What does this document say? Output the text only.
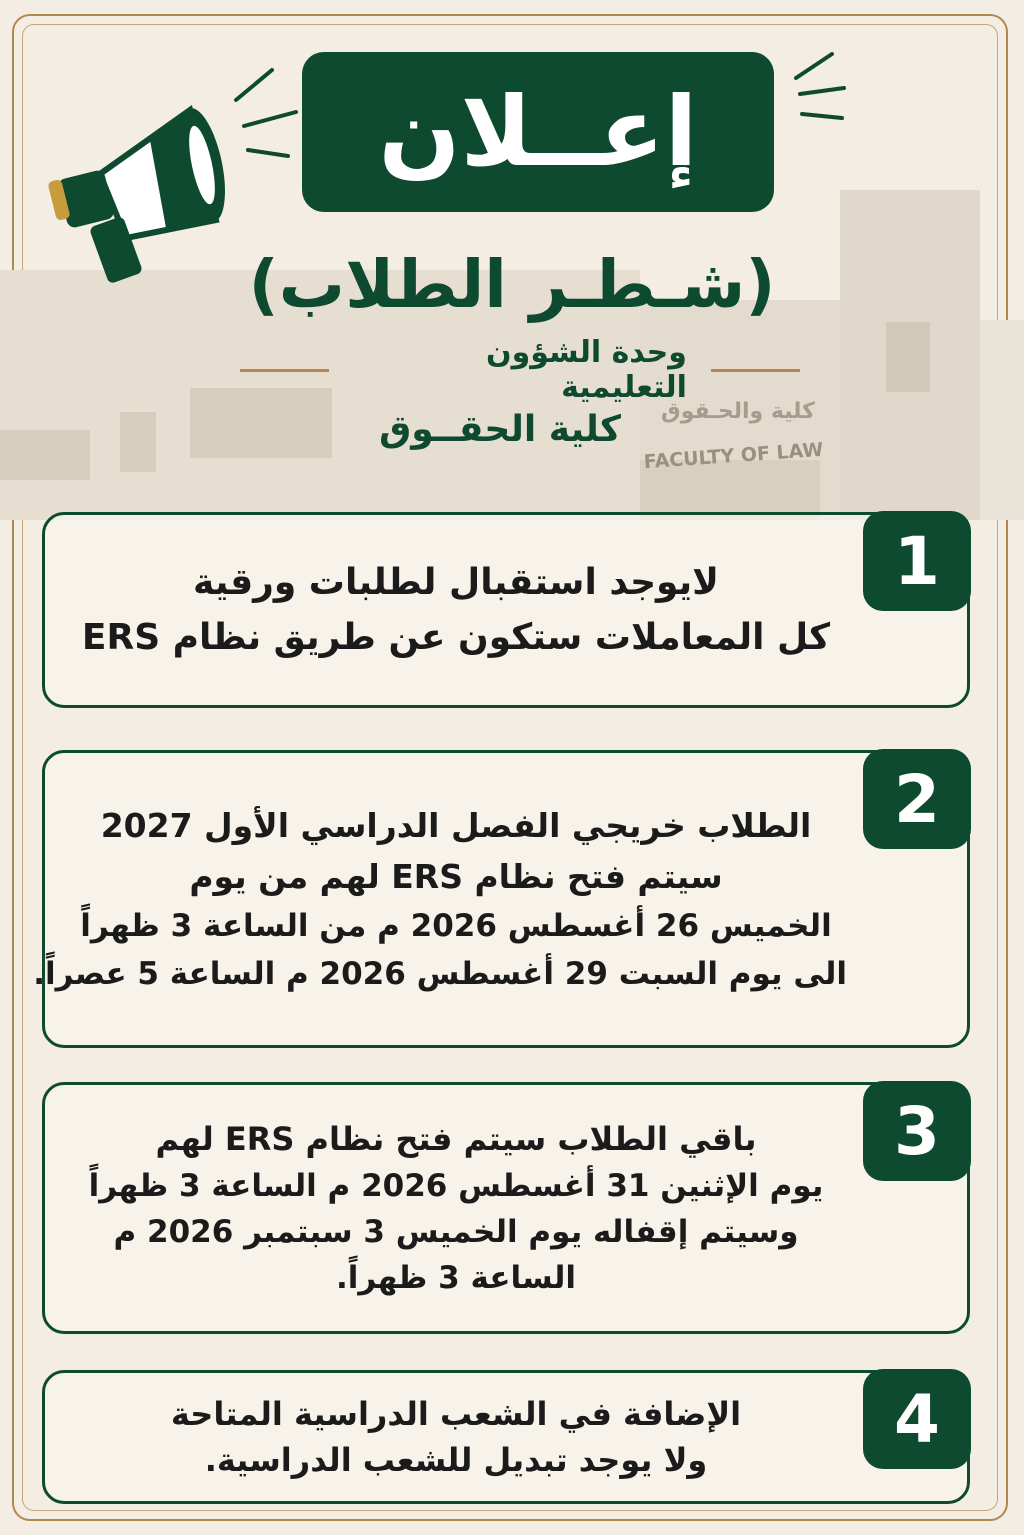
كلية والحـقوق
FACULTY OF LAW
إعــلان
(شـطـر الطلاب)
وحدة الشؤون التعليمية
كلية الحقــوق
1
لايوجد استقبال لطلبات ورقية
كل المعاملات ستكون عن طريق نظام ERS
2
الطلاب خريجي الفصل الدراسي الأول 2027
سيتم فتح نظام ERS لهم من يوم
الخميس 26 أغسطس 2026 م من الساعة 3 ظهراً
الى يوم السبت 29 أغسطس 2026 م الساعة 5 عصراً.
3
باقي الطلاب سيتم فتح نظام ERS لهم
يوم الإثنين 31 أغسطس 2026 م الساعة 3 ظهراً
وسيتم إقفاله يوم الخميس 3 سبتمبر 2026 م
الساعة 3 ظهراً.
4
الإضافة في الشعب الدراسية المتاحة
ولا يوجد تبديل للشعب الدراسية.
